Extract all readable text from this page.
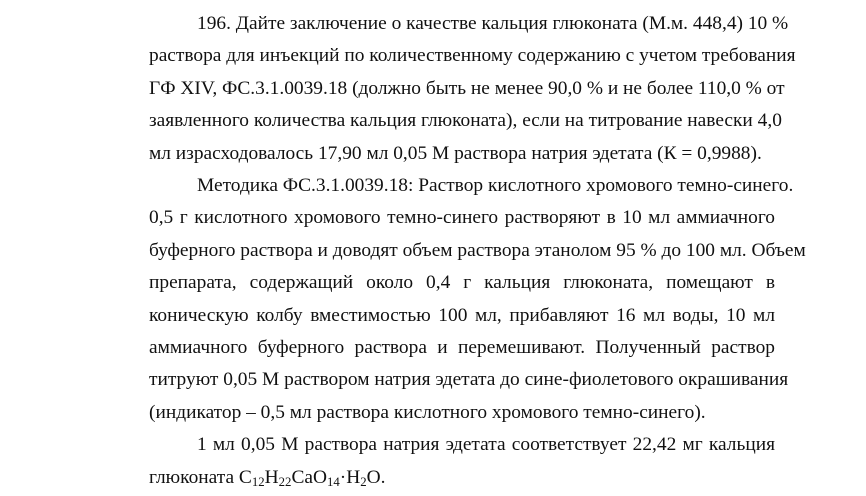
196. Дайте заключение о качестве кальция глюконата (М.м. 448,4) 10 %
раствора для инъекций по количественному содержанию с учетом требования
ГФ XIV, ФС.3.1.0039.18 (должно быть не менее 90,0 % и не более 110,0 % от
заявленного количества кальция глюконата), если на титрование навески 4,0
мл израсходовалось 17,90 мл 0,05 М раствора натрия эдетата (К = 0,9988).

Методика ФС.3.1.0039.18: Раствор кислотного хромового темно-синего.
0,5 г кислотного хромового темно-синего растворяют в 10 мл аммиачного
буферного раствора и доводят объем раствора этанолом 95 % до 100 мл. Объем
препарата, содержащий около 0,4 г кальция глюконата, помещают в
коническую колбу вместимостью 100 мл, прибавляют 16 мл воды, 10 мл
аммиачного буферного раствора и перемешивают. Полученный раствор
титруют 0,05 М раствором натрия эдетата до сине-фиолетового окрашивания
(индикатор – 0,5 мл раствора кислотного хромового темно-синего).

1 мл 0,05 М раствора натрия эдетата соответствует 22,42 мг кальция
глюконата $C_{12}H_{22}CaO_{14}\cdot H_2O$.
